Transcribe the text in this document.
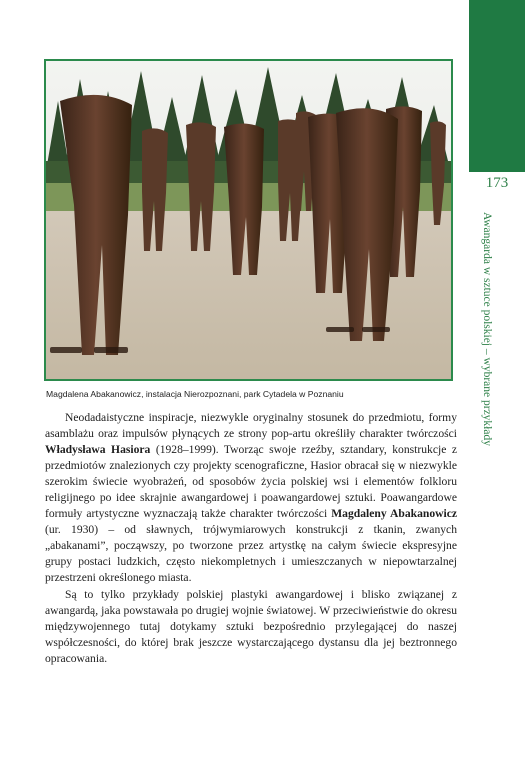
173
Awangarda w sztuce polskiej – wybrane przykłady
Magdalena Abakanowicz, instalacja Nierozpoznani, park Cytadela w Poznaniu

Neodadaistyczne inspiracje, niezwykle oryginalny stosunek do przedmiotu, formy asamblażu oraz impulsów płynących ze strony pop-artu określiły charakter twórczości Władysława Hasiora (1928–1999). Tworząc swoje rzeźby, sztandary, konstrukcje z przedmiotów znalezionych czy projekty scenograficzne, Hasior obracał się w niezwykle szerokim świecie wyobrażeń, od sposobów życia polskiej wsi i elementów folkloru religijnego po idee skrajnie awangardowej i poawangardowej sztuki. Poawangardowe formuły artystyczne wyznaczają także charakter twórczości Magdaleny Abakanowicz (ur. 1930) – od sławnych, trójwymiarowych konstrukcji z tkanin, zwanych „abakanami”, począwszy, po tworzone przez artystkę na całym świecie ekspresyjne grupy postaci ludzkich, często niekompletnych i umieszczanych w niepowtarzalnej przestrzeni określonego miasta.

Są to tylko przykłady polskiej plastyki awangardowej i blisko związanej z awangardą, jaka powstawała po drugiej wojnie światowej. W przeciwieństwie do okresu międzywojennego tutaj dotykamy sztuki bezpośrednio przylegającej do naszej współczesności, do której brak jeszcze wystarczającego dystansu dla jej beztronnego opracowania.
